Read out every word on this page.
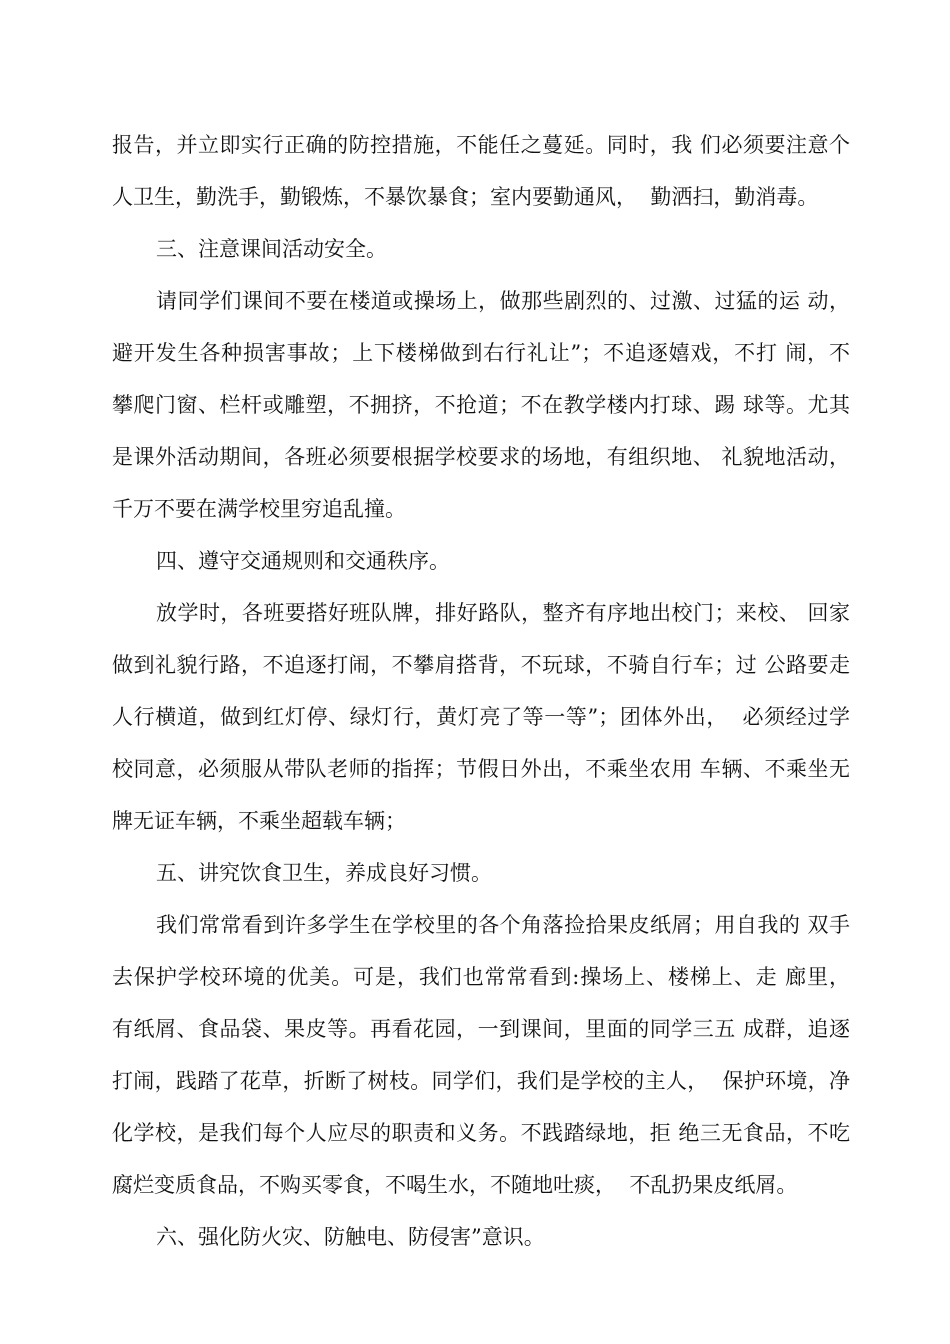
报告，并立即实行正确的防控措施，不能任之蔓延。同时，我 们必须要注意个
人卫生，勤洗手，勤锻炼，不暴饮暴食；室内要勤通风，  勤洒扫，勤消毒。
三、注意课间活动安全。
请同学们课间不要在楼道或操场上，做那些剧烈的、过激、过猛的运 动，
避开发生各种损害事故；上下楼梯做到右行礼让”；不追逐嬉戏，不打 闹，不
攀爬门窗、栏杆或雕塑，不拥挤，不抢道；不在教学楼内打球、踢 球等。尤其
是课外活动期间，各班必须要根据学校要求的场地，有组织地、 礼貌地活动，
千万不要在满学校里穷追乱撞。
四、遵守交通规则和交通秩序。
放学时，各班要搭好班队牌，排好路队，整齐有序地出校门；来校、 回家
做到礼貌行路，不追逐打闹，不攀肩搭背，不玩球，不骑自行车；过 公路要走
人行横道，做到红灯停、绿灯行，黄灯亮了等一等”；团体外出，  必须经过学
校同意，必须服从带队老师的指挥；节假日外出，不乘坐农用 车辆、不乘坐无
牌无证车辆，不乘坐超载车辆；
五、讲究饮食卫生，养成良好习惯。
我们常常看到许多学生在学校里的各个角落捡拾果皮纸屑；用自我的 双手
去保护学校环境的优美。可是，我们也常常看到:操场上、楼梯上、走 廊里，
有纸屑、食品袋、果皮等。再看花园，一到课间，里面的同学三五 成群，追逐
打闹，践踏了花草，折断了树枝。同学们，我们是学校的主人，  保护环境，净
化学校，是我们每个人应尽的职责和义务。不践踏绿地，拒 绝三无食品，不吃
腐烂变质食品，不购买零食，不喝生水，不随地吐痰，  不乱扔果皮纸屑。
六、强化防火灾、防触电、防侵害”意识。
